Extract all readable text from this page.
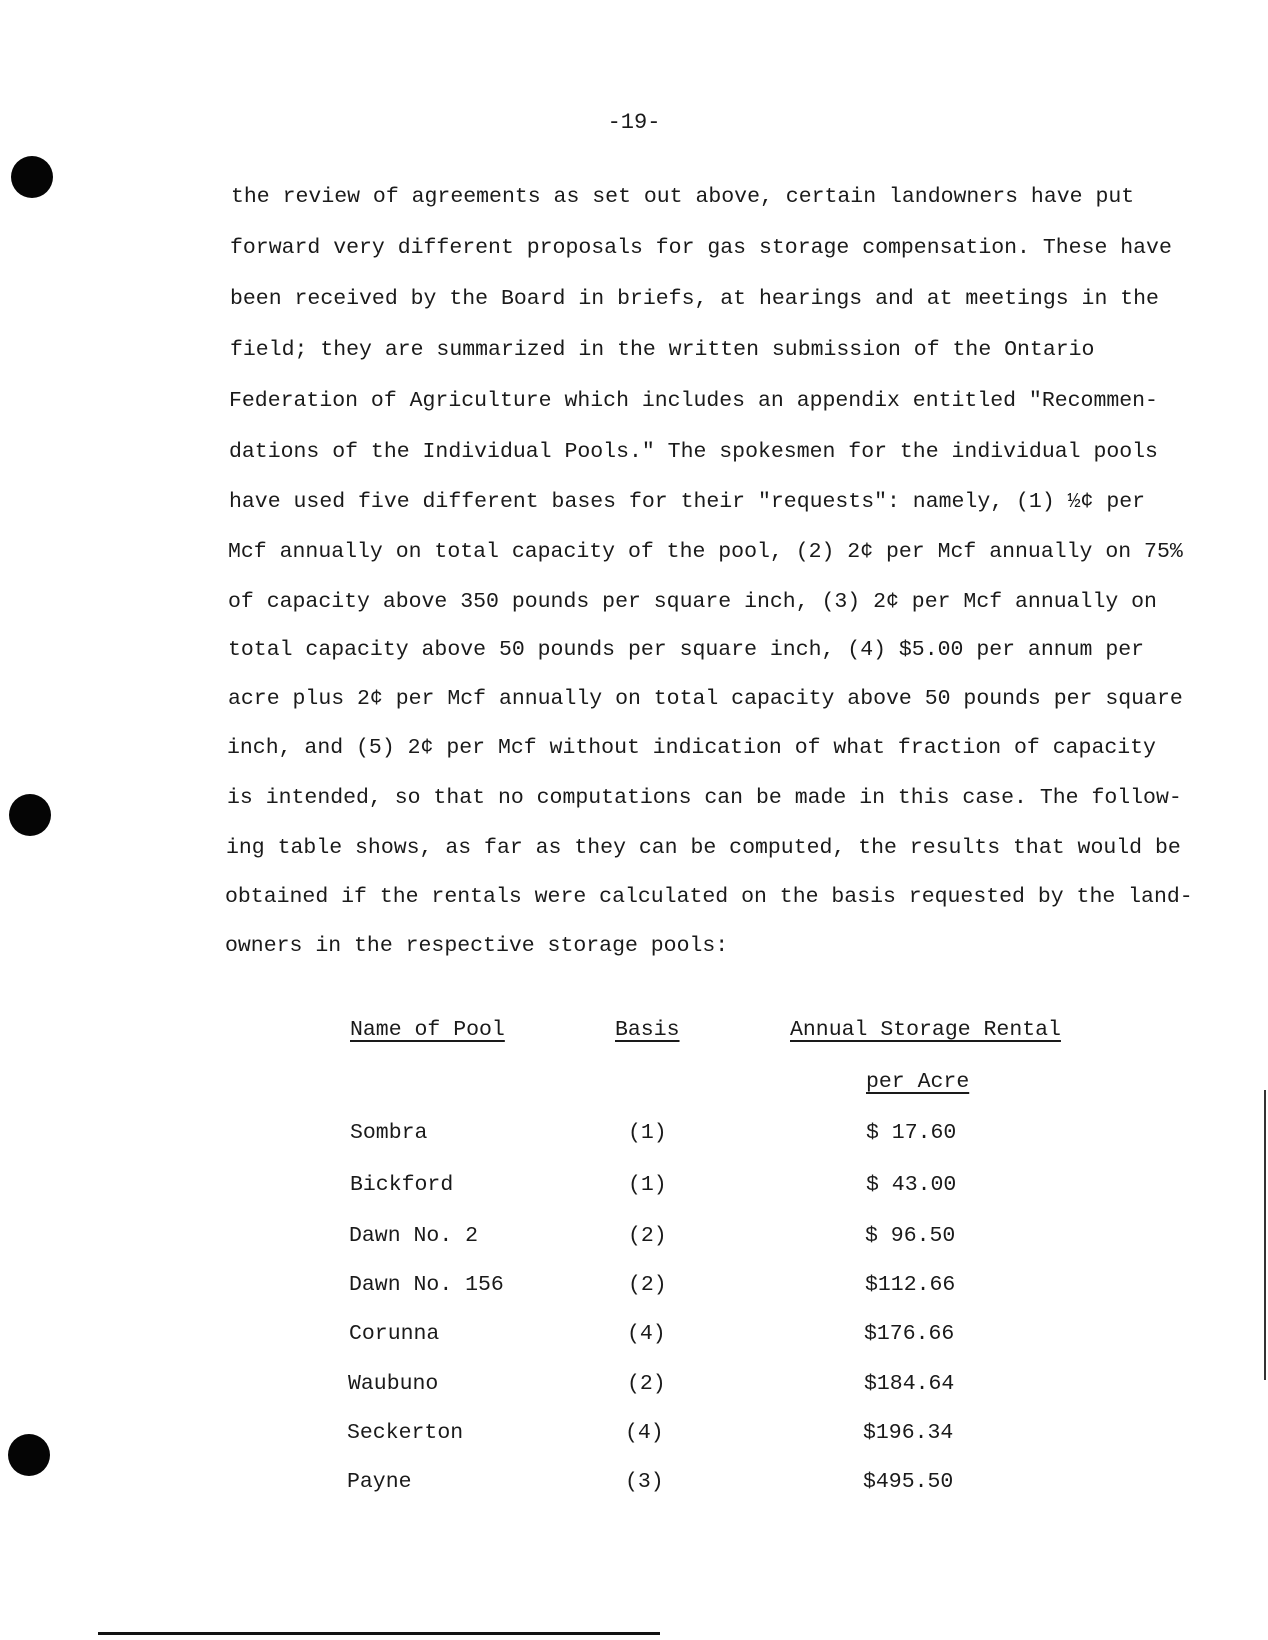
-19-
the review of agreements as set out above, certain landowners have put
forward very different proposals for gas storage compensation. These have
been received by the Board in briefs, at hearings and at meetings in the
field; they are summarized in the written submission of the Ontario
Federation of Agriculture which includes an appendix entitled "Recommen-
dations of the Individual Pools." The spokesmen for the individual pools
have used five different bases for their "requests": namely, (1) ½¢ per
Mcf annually on total capacity of the pool, (2) 2¢ per Mcf annually on 75%
of capacity above 350 pounds per square inch, (3) 2¢ per Mcf annually on
total capacity above 50 pounds per square inch, (4) $5.00 per annum per
acre plus 2¢ per Mcf annually on total capacity above 50 pounds per square
inch, and (5) 2¢ per Mcf without indication of what fraction of capacity
is intended, so that no computations can be made in this case. The follow-
ing table shows, as far as they can be computed, the results that would be
obtained if the rentals were calculated on the basis requested by the land-
owners in the respective storage pools:
Name of Pool	Basis	Annual Storage Rental
per Acre
Sombra	(1)	$ 17.60
Bickford	(1)	$ 43.00
Dawn No. 2	(2)	$ 96.50
Dawn No. 156	(2)	$112.66
Corunna	(4)	$176.66
Waubuno	(2)	$184.64
Seckerton	(4)	$196.34
Payne	(3)	$495.50
